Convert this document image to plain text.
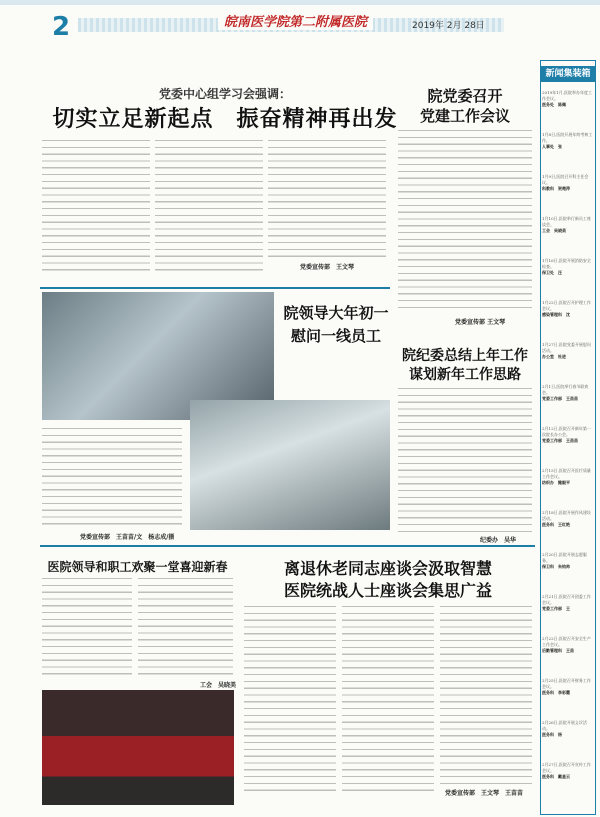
2	皖南医学院第二附属医院	2019年 2月 28日
党委中心组学习会强调：
切实立足新起点　振奋精神再出发
党委宣传部　王文琴
院党委召开
党建工作会议
党委宣传部 王文琴
院领导大年初一
慰问一线员工
党委宣传部　王苗苗/文　杨志成/摄
院纪委总结上年工作
谋划新年工作思路
纪委办　吴华
医院领导和职工欢聚一堂喜迎新春
工会　吴晓美
离退休老同志座谈会汲取智慧
医院统战人士座谈会集思广益
党委宣传部　王文琴　王苗苗
新闻集装箱
2019年1月,医院举办年度工作会议。
医务处　陈佩
1月8日,医院开展年终考核工作。
人事处　张　
1月9日,医院召开科主任会议。
科教科　贺菀萍
1月10日,医院举行新员工座谈会。
工会　吴晓美
1月16日,医院开展消防安全检查。
保卫处　汪　
1月22日,医院召开护理工作会议。
感染管理科　沈　
1月27日,医院党委开展慰问活动。
办公室　杜进
2月1日,医院举行春节联欢会。
党委工作部　王苗苗
2月12日,医院召开新年第一次院长办公会。
党委工作部　王苗苗
2月15日,医院召开医疗质量工作会议。
纺织办　鲍毅平
2月18日,医院开展作风建设活动。
医务科　王红艳
2月20日,医院开展志愿服务。
保卫科　朱钧帅
2月21日,医院召开团委工作会议。
党委工作部　王　
2月22日,医院召开安全生产工作会议。
后勤管理科　王苗
2月25日,医院召开财务工作会议。
医务科　李彩霞
2月26日,医院开展义诊活动。
医务科　杨　
2月27日,医院召开宣传工作会议。
医务科　戴星云
